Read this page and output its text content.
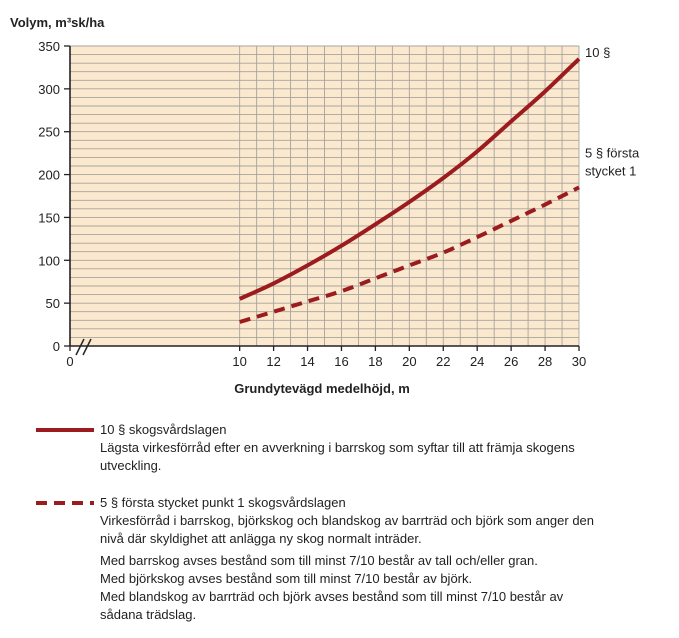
Volym, m³sk/ha
0	10 12 14 16 18 20 22 24 26 28 30
0
50
100
150
200
250
300
350	10 §
5 § första stycket 1
Grundytevägd medelhöjd, m

10 § skogsvårdslagen

Lägsta virkesförråd efter en avverkning i barrskog som syftar till att främja skogens

utveckling.

5 § första stycket punkt 1 skogsvårdslagen

Virkesförråd i barrskog, björkskog och blandskog av barrträd och björk som anger den

nivå där skyldighet att anlägga ny skog normalt inträder.

Med barrskog avses bestånd som till minst 7/10 består av tall och/eller gran.

Med björkskog avses bestånd som till minst 7/10 består av björk.

Med blandskog av barrträd och björk avses bestånd som till minst 7/10 består av

sådana trädslag.
